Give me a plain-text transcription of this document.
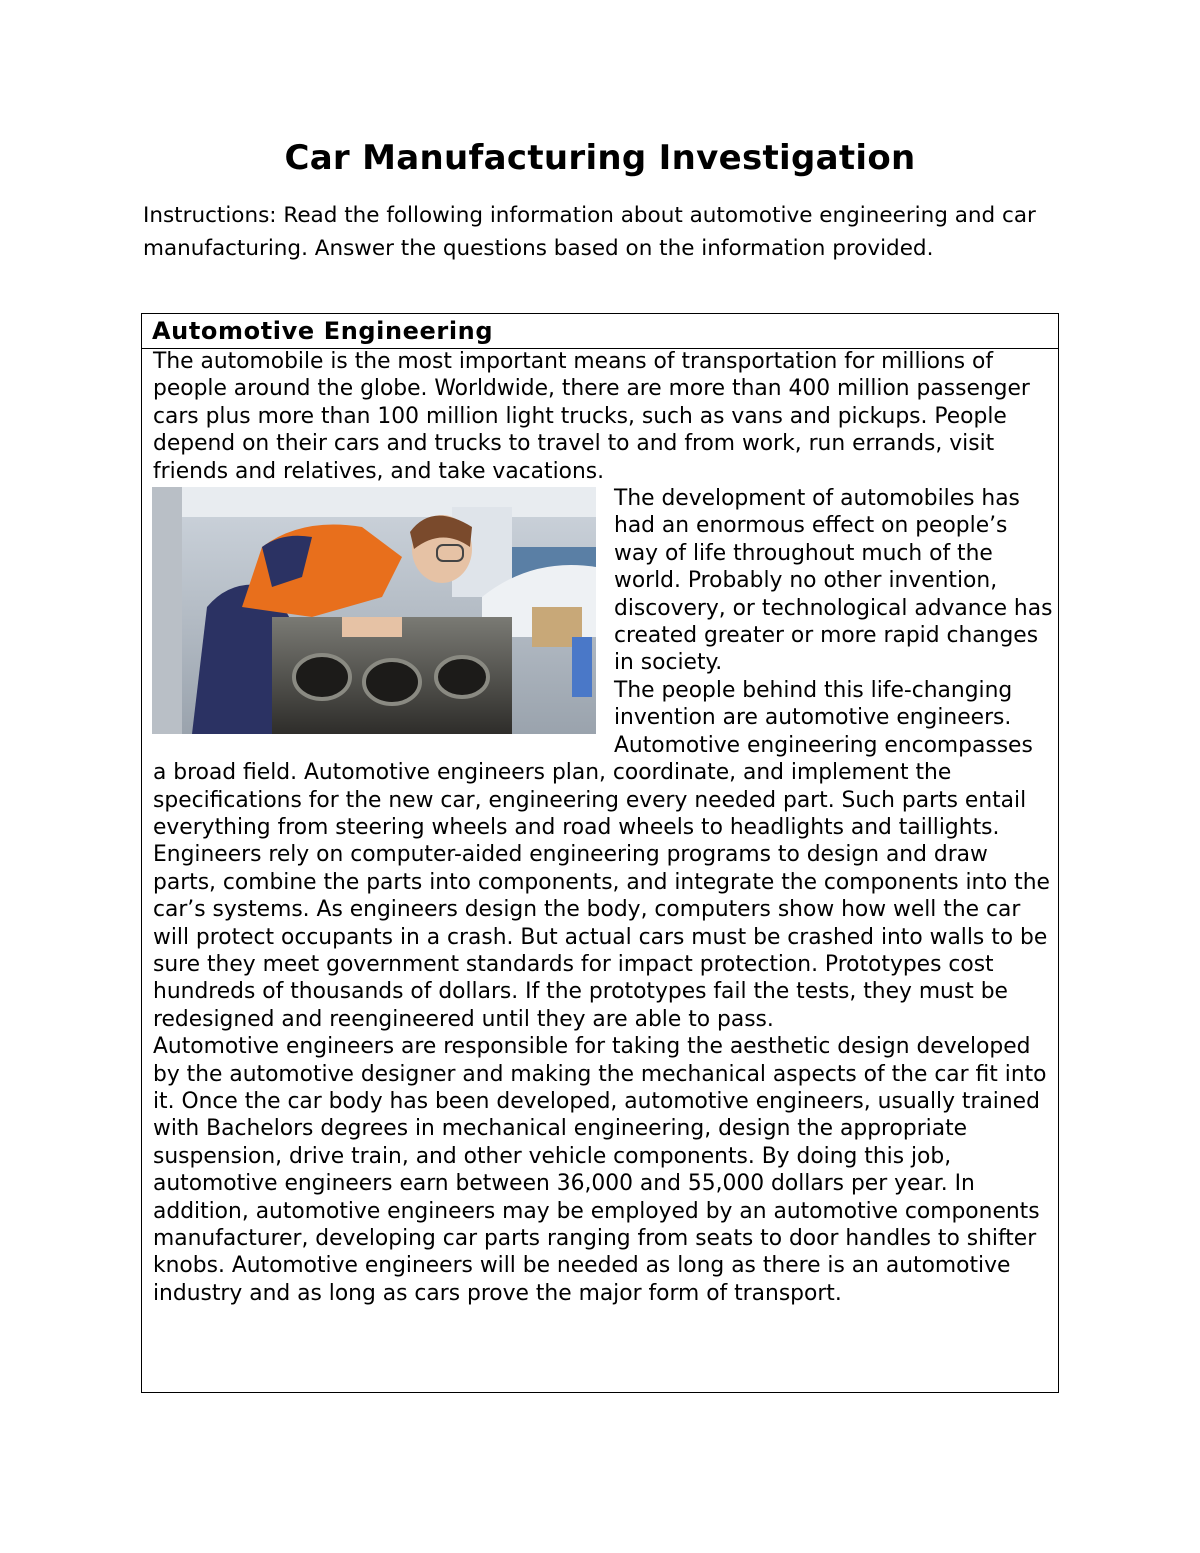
Car Manufacturing Investigation
Instructions: Read the following information about automotive engineering and car manufacturing. Answer the questions based on the information provided.
Automotive Engineering

The automobile is the most important means of transportation for millions of people around the globe. Worldwide, there are more than 400 million passenger cars plus more than 100 million light trucks, such as vans and pickups. People depend on their cars and trucks to travel to and from work, run errands, visit friends and relatives, and take vacations.

The development of automobiles has had an enormous effect on people’s way of life throughout much of the world. Probably no other invention, discovery, or technological advance has created greater or more rapid changes in society.

The people behind this life-changing invention are automotive engineers.

Automotive engineering encompasses a broad field. Automotive engineers plan, coordinate, and implement the specifications for the new car, engineering every needed part. Such parts entail everything from steering wheels and road wheels to headlights and taillights. Engineers rely on computer-aided engineering programs to design and draw parts, combine the parts into components, and integrate the components into the car’s systems. As engineers design the body, computers show how well the car will protect occupants in a crash. But actual cars must be crashed into walls to be sure they meet government standards for impact protection. Prototypes cost hundreds of thousands of dollars. If the prototypes fail the tests, they must be redesigned and reengineered until they are able to pass.

Automotive engineers are responsible for taking the aesthetic design developed by the automotive designer and making the mechanical aspects of the car fit into it. Once the car body has been developed, automotive engineers, usually trained with Bachelors degrees in mechanical engineering, design the appropriate suspension, drive train, and other vehicle components. By doing this job, automotive engineers earn between 36,000 and 55,000 dollars per year. In addition, automotive engineers may be employed by an automotive components manufacturer, developing car parts ranging from seats to door handles to shifter knobs. Automotive engineers will be needed as long as there is an automotive industry and as long as cars prove the major form of transport.
